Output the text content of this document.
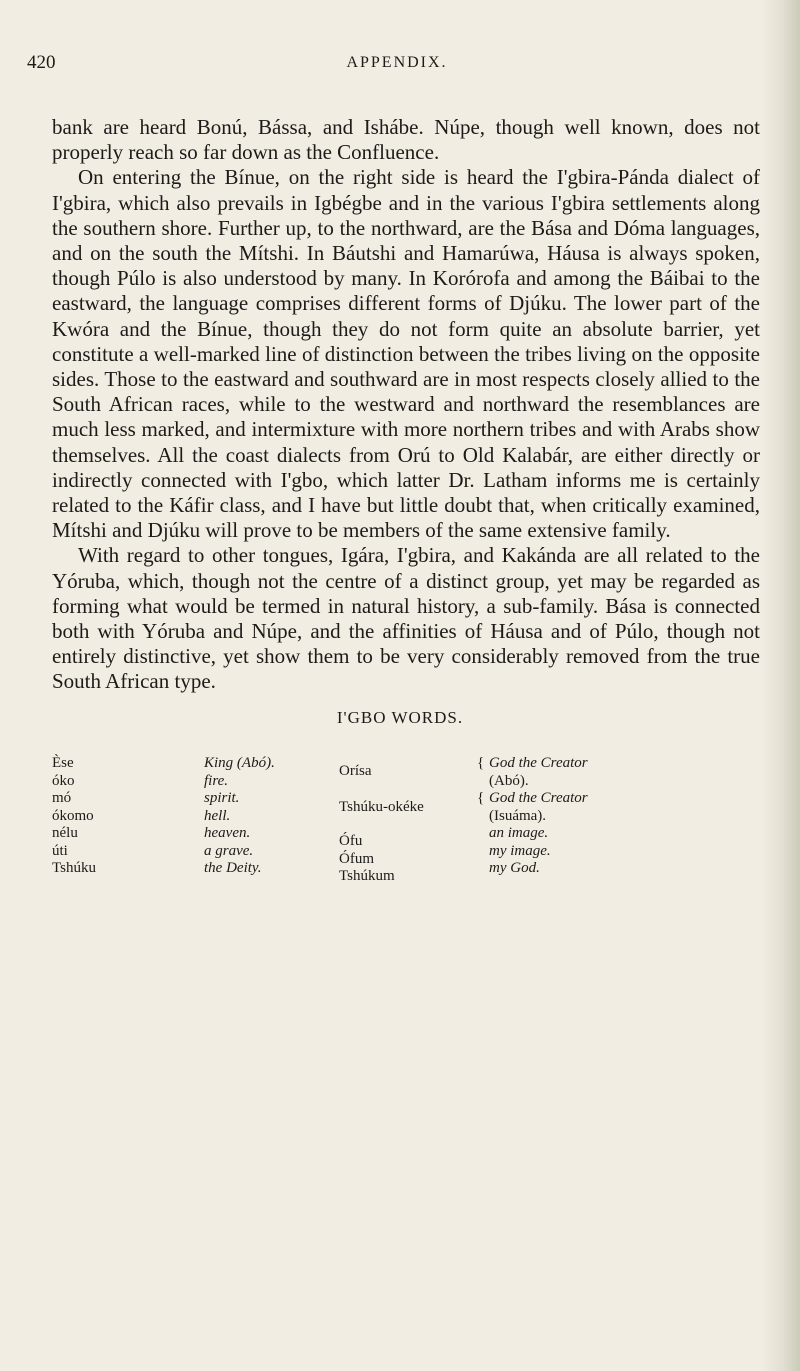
420	APPENDIX.

bank are heard Bonú, Bássa, and Ishábe. Núpe, though well known, does not properly reach so far down as the Confluence.

On entering the Bínue, on the right side is heard the I'gbira-Pánda dialect of I'gbira, which also prevails in Igbégbe and in the various I'gbira settlements along the southern shore. Further up, to the northward, are the Bása and Dóma languages, and on the south the Mítshi. In Báutshi and Hamarúwa, Háusa is always spoken, though Púlo is also understood by many. In Korórofa and among the Báibai to the eastward, the language comprises different forms of Djúku. The lower part of the Kwóra and the Bínue, though they do not form quite an absolute barrier, yet constitute a well-marked line of distinction between the tribes living on the opposite sides. Those to the eastward and southward are in most respects closely allied to the South African races, while to the westward and northward the resemblances are much less marked, and intermixture with more northern tribes and with Arabs show themselves. All the coast dialects from Orú to Old Kalabár, are either directly or indirectly connected with I'gbo, which latter Dr. Latham informs me is certainly related to the Káfir class, and I have but little doubt that, when critically examined, Mítshi and Djúku will prove to be members of the same extensive family.

With regard to other tongues, Igára, I'gbira, and Kakánda are all related to the Yóruba, which, though not the centre of a distinct group, yet may be regarded as forming what would be termed in natural history, a sub-family. Bása is connected both with Yóruba and Núpe, and the affinities of Háusa and of Púlo, though not entirely distinctive, yet show them to be very considerably removed from the true South African type.

I'GBO WORDS.
Èse
óko
mó
ókomo
nélu
úti
Tshúku
King (Abó).
fire.
spirit.
hell.
heaven.
a grave.
the Deity.
Orísa
Tshúku-okéke
Ófu
Ófum
Tshúkum
{ God the Creator
(Abó).
{ God the Creator
(Isuáma).
an image.
my image.
my God.
